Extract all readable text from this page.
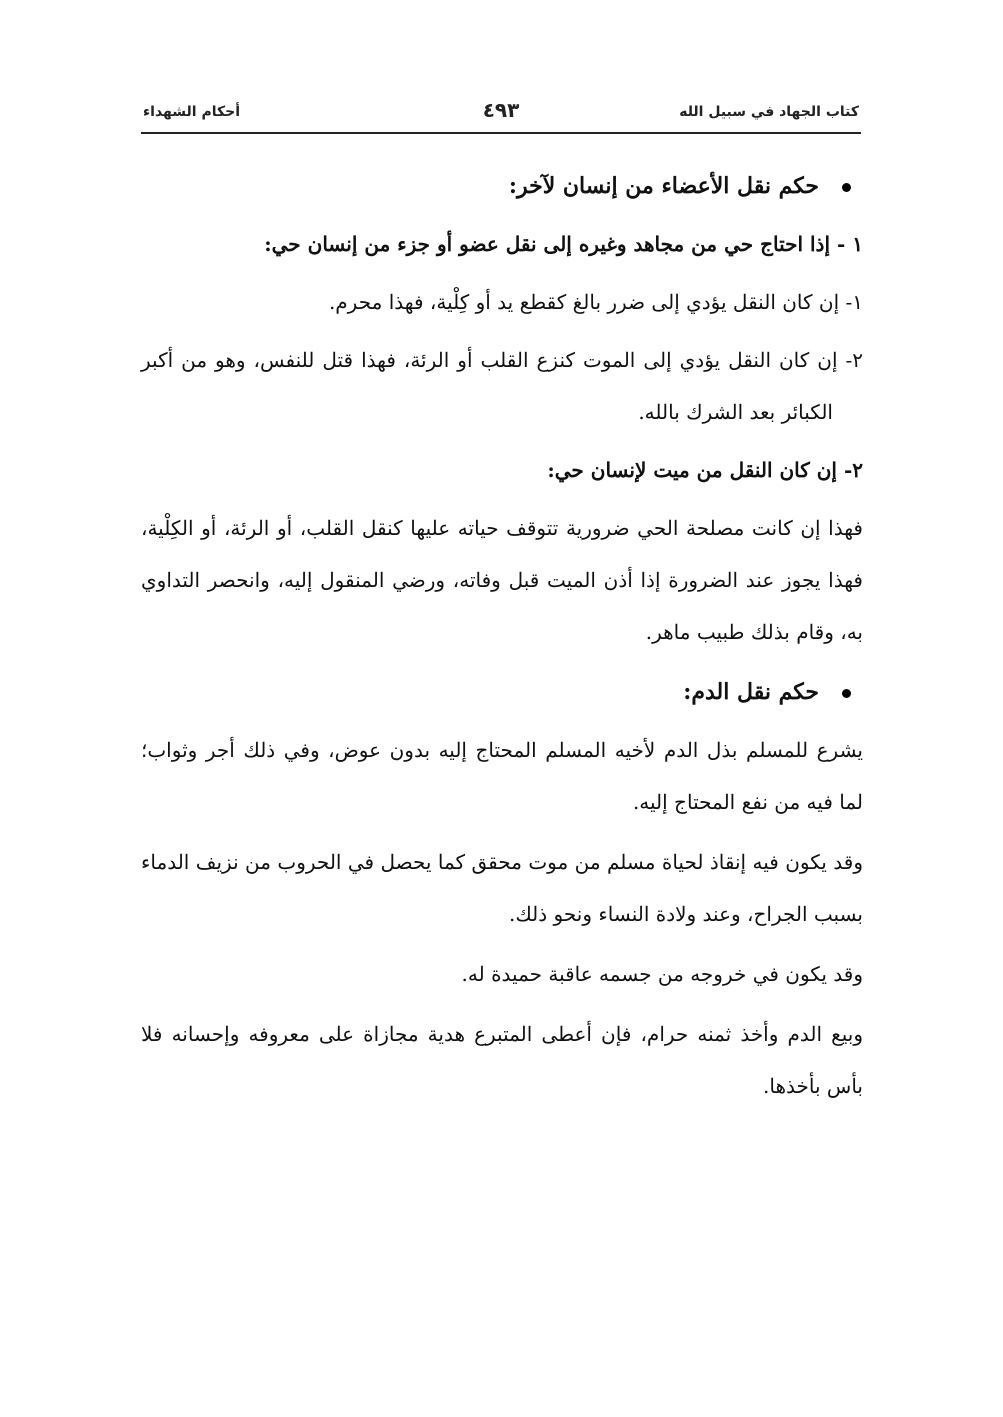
كتاب الجهاد في سبيل الله
٤٩٣
أحكام الشهداء
حكم نقل الأعضاء من إنسان لآخر:
١ - إذا احتاج حي من مجاهد وغيره إلى نقل عضو أو جزء من إنسان حي:
١- إن كان النقل يؤدي إلى ضرر بالغ كقطع يد أو كِلْية، فهذا محرم.
٢- إن كان النقل يؤدي إلى الموت كنزع القلب أو الرئة، فهذا قتل للنفس، وهو من أكبر الكبائر بعد الشرك بالله.
٢- إن كان النقل من ميت لإنسان حي:
فهذا إن كانت مصلحة الحي ضرورية تتوقف حياته عليها كنقل القلب، أو الرئة، أو الكِلْية، فهذا يجوز عند الضرورة إذا أذن الميت قبل وفاته، ورضي المنقول إليه، وانحصر التداوي به، وقام بذلك طبيب ماهر.
حكم نقل الدم:
يشرع للمسلم بذل الدم لأخيه المسلم المحتاج إليه بدون عوض، وفي ذلك أجر وثواب؛ لما فيه من نفع المحتاج إليه.
وقد يكون فيه إنقاذ لحياة مسلم من موت محقق كما يحصل في الحروب من نزيف الدماء بسبب الجراح، وعند ولادة النساء ونحو ذلك.
وقد يكون في خروجه من جسمه عاقبة حميدة له.
وبيع الدم وأخذ ثمنه حرام، فإن أعطى المتبرع هدية مجازاة على معروفه وإحسانه فلا بأس بأخذها.
